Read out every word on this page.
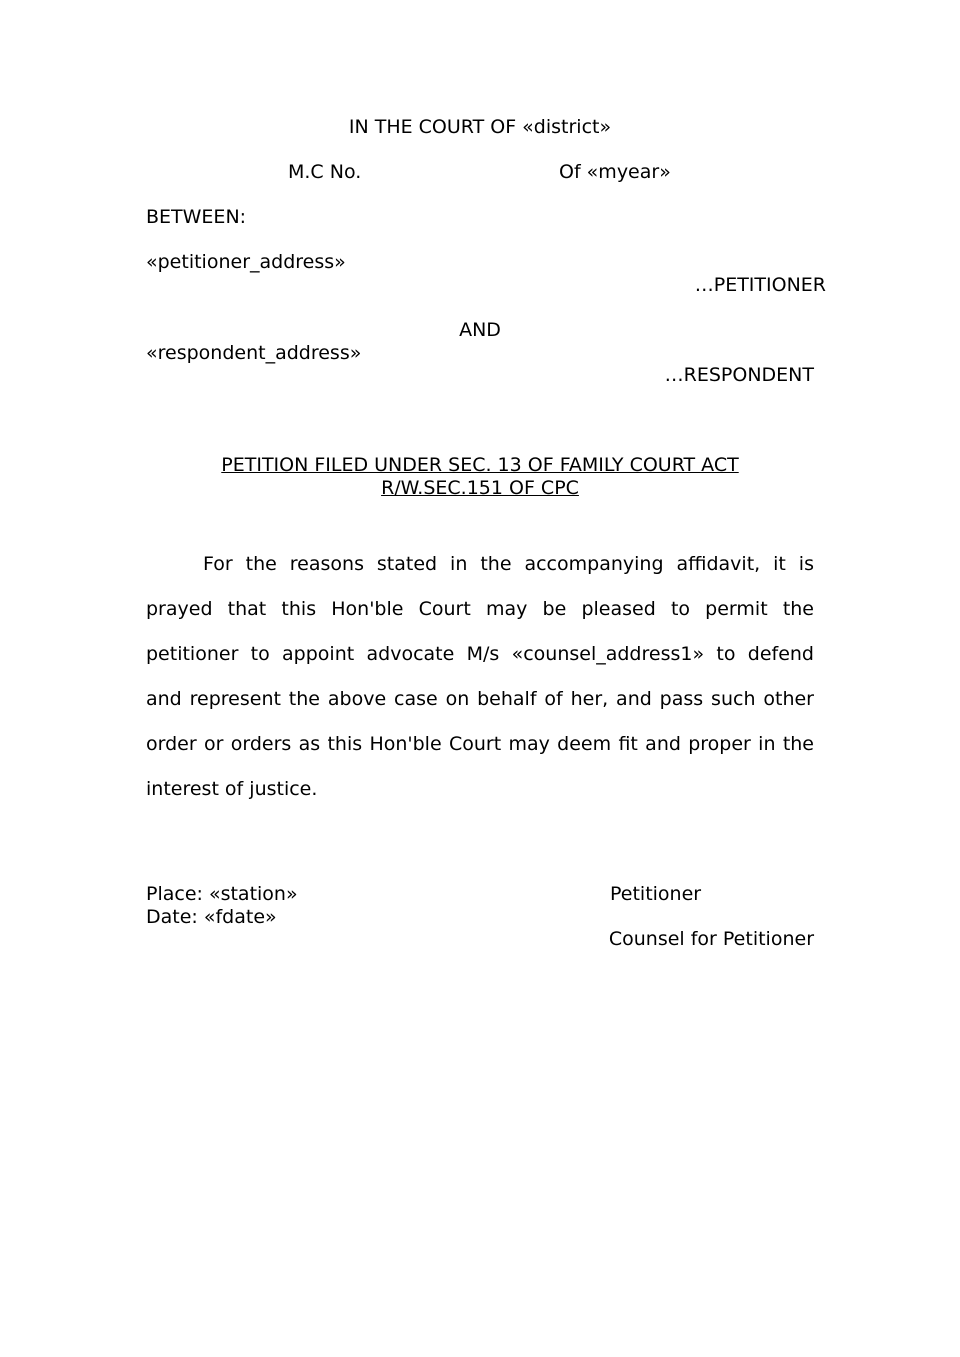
IN THE COURT OF «district»
M.C No.	Of «myear»
BETWEEN:
«petitioner_address»
…PETITIONER
AND
«respondent_address»
…RESPONDENT
PETITION FILED UNDER SEC. 13 OF FAMILY COURT ACT
R/W.SEC.151 OF CPC
For the reasons stated in the accompanying affidavit, it is
prayed that this Hon'ble Court may be pleased to permit the
petitioner to appoint advocate M/s «counsel_address1» to defend
and represent the above case on behalf of her, and pass such other
order or orders as this Hon'ble Court may deem fit and proper in the
interest of justice.
Place: «station»
Date: «fdate»
Petitioner
Counsel for Petitioner
